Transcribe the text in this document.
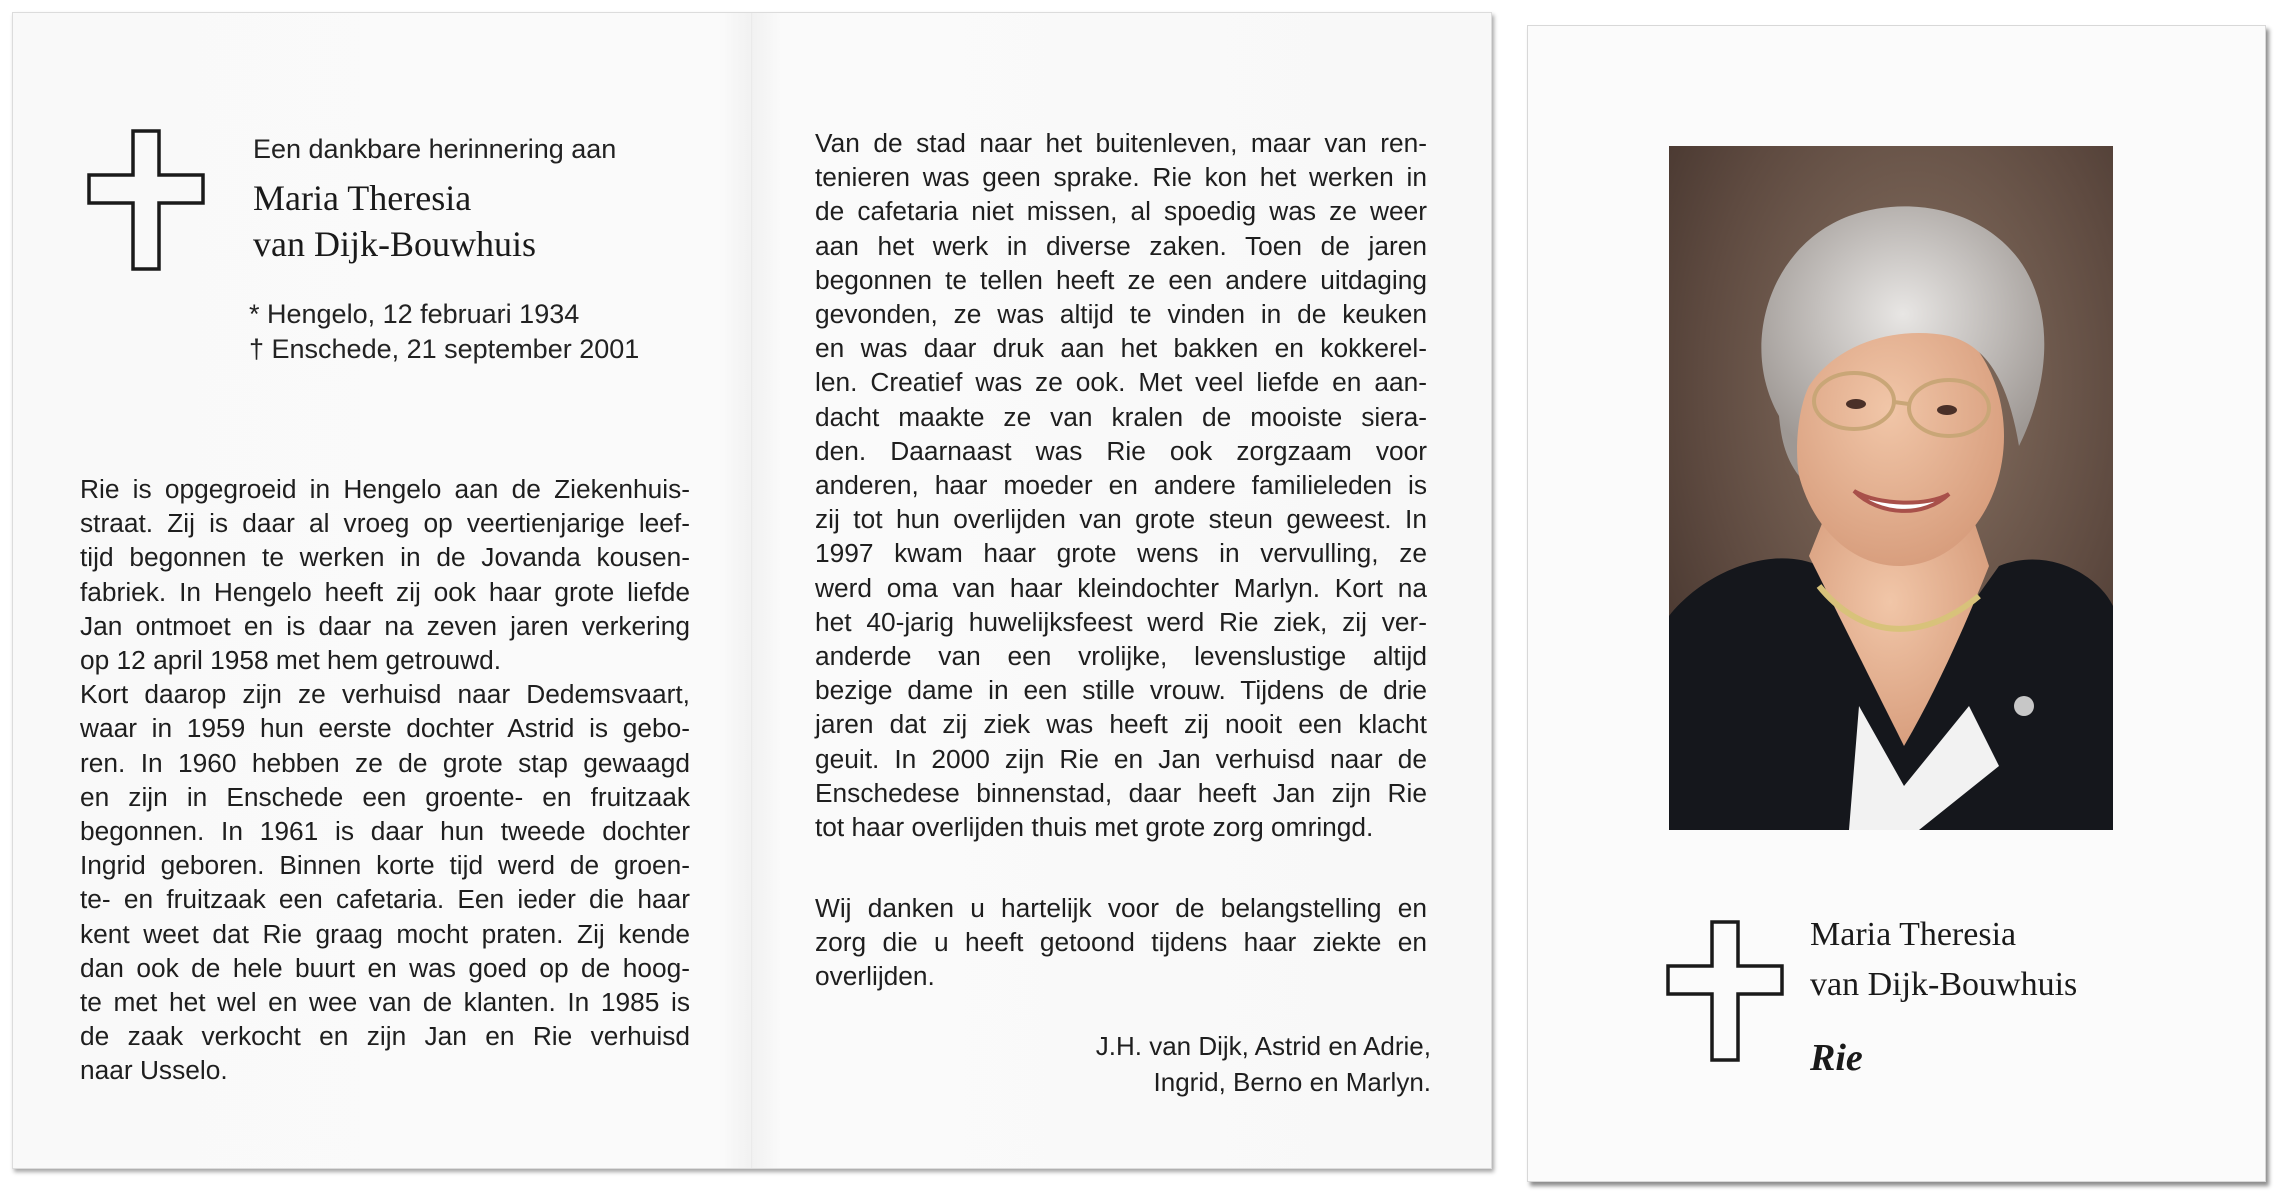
Een dankbare herinnering aan
Maria Theresia
van Dijk-Bouwhuis
* Hengelo, 12 februari 1934
† Enschede, 21 september 2001
Rie is opgegroeid in Hengelo aan de Ziekenhuis-
straat. Zij is daar al vroeg op veertienjarige leef-
tijd begonnen te werken in de Jovanda kousen-
fabriek. In Hengelo heeft zij ook haar grote liefde
Jan ontmoet en is daar na zeven jaren verkering
op 12 april 1958 met hem getrouwd.
Kort daarop zijn ze verhuisd naar Dedemsvaart,
waar in 1959 hun eerste dochter Astrid is gebo-
ren. In 1960 hebben ze de grote stap gewaagd
en zijn in Enschede een groente- en fruitzaak
begonnen. In 1961 is daar hun tweede dochter
Ingrid geboren. Binnen korte tijd werd de groen-
te- en fruitzaak een cafetaria. Een ieder die haar
kent weet dat Rie graag mocht praten. Zij kende
dan ook de hele buurt en was goed op de hoog-
te met het wel en wee van de klanten. In 1985 is
de zaak verkocht en zijn Jan en Rie verhuisd
naar Usselo.
Van de stad naar het buitenleven, maar van ren-
tenieren was geen sprake. Rie kon het werken in
de cafetaria niet missen, al spoedig was ze weer
aan het werk in diverse zaken. Toen de jaren
begonnen te tellen heeft ze een andere uitdaging
gevonden, ze was altijd te vinden in de keuken
en was daar druk aan het bakken en kokkerel-
len. Creatief was ze ook. Met veel liefde en aan-
dacht maakte ze van kralen de mooiste siera-
den. Daarnaast was Rie ook zorgzaam voor
anderen, haar moeder en andere familieleden is
zij tot hun overlijden van grote steun geweest. In
1997 kwam haar grote wens in vervulling, ze
werd oma van haar kleindochter Marlyn. Kort na
het 40-jarig huwelijksfeest werd Rie ziek, zij ver-
anderde van een vrolijke, levenslustige altijd
bezige dame in een stille vrouw. Tijdens de drie
jaren dat zij ziek was heeft zij nooit een klacht
geuit. In 2000 zijn Rie en Jan verhuisd naar de
Enschedese binnenstad, daar heeft Jan zijn Rie
tot haar overlijden thuis met grote zorg omringd.
Wij danken u hartelijk voor de belangstelling en
zorg die u heeft getoond tijdens haar ziekte en
overlijden.
J.H. van Dijk, Astrid en Adrie,
Ingrid, Berno en Marlyn.
Maria Theresia
van Dijk-Bouwhuis
Rie
